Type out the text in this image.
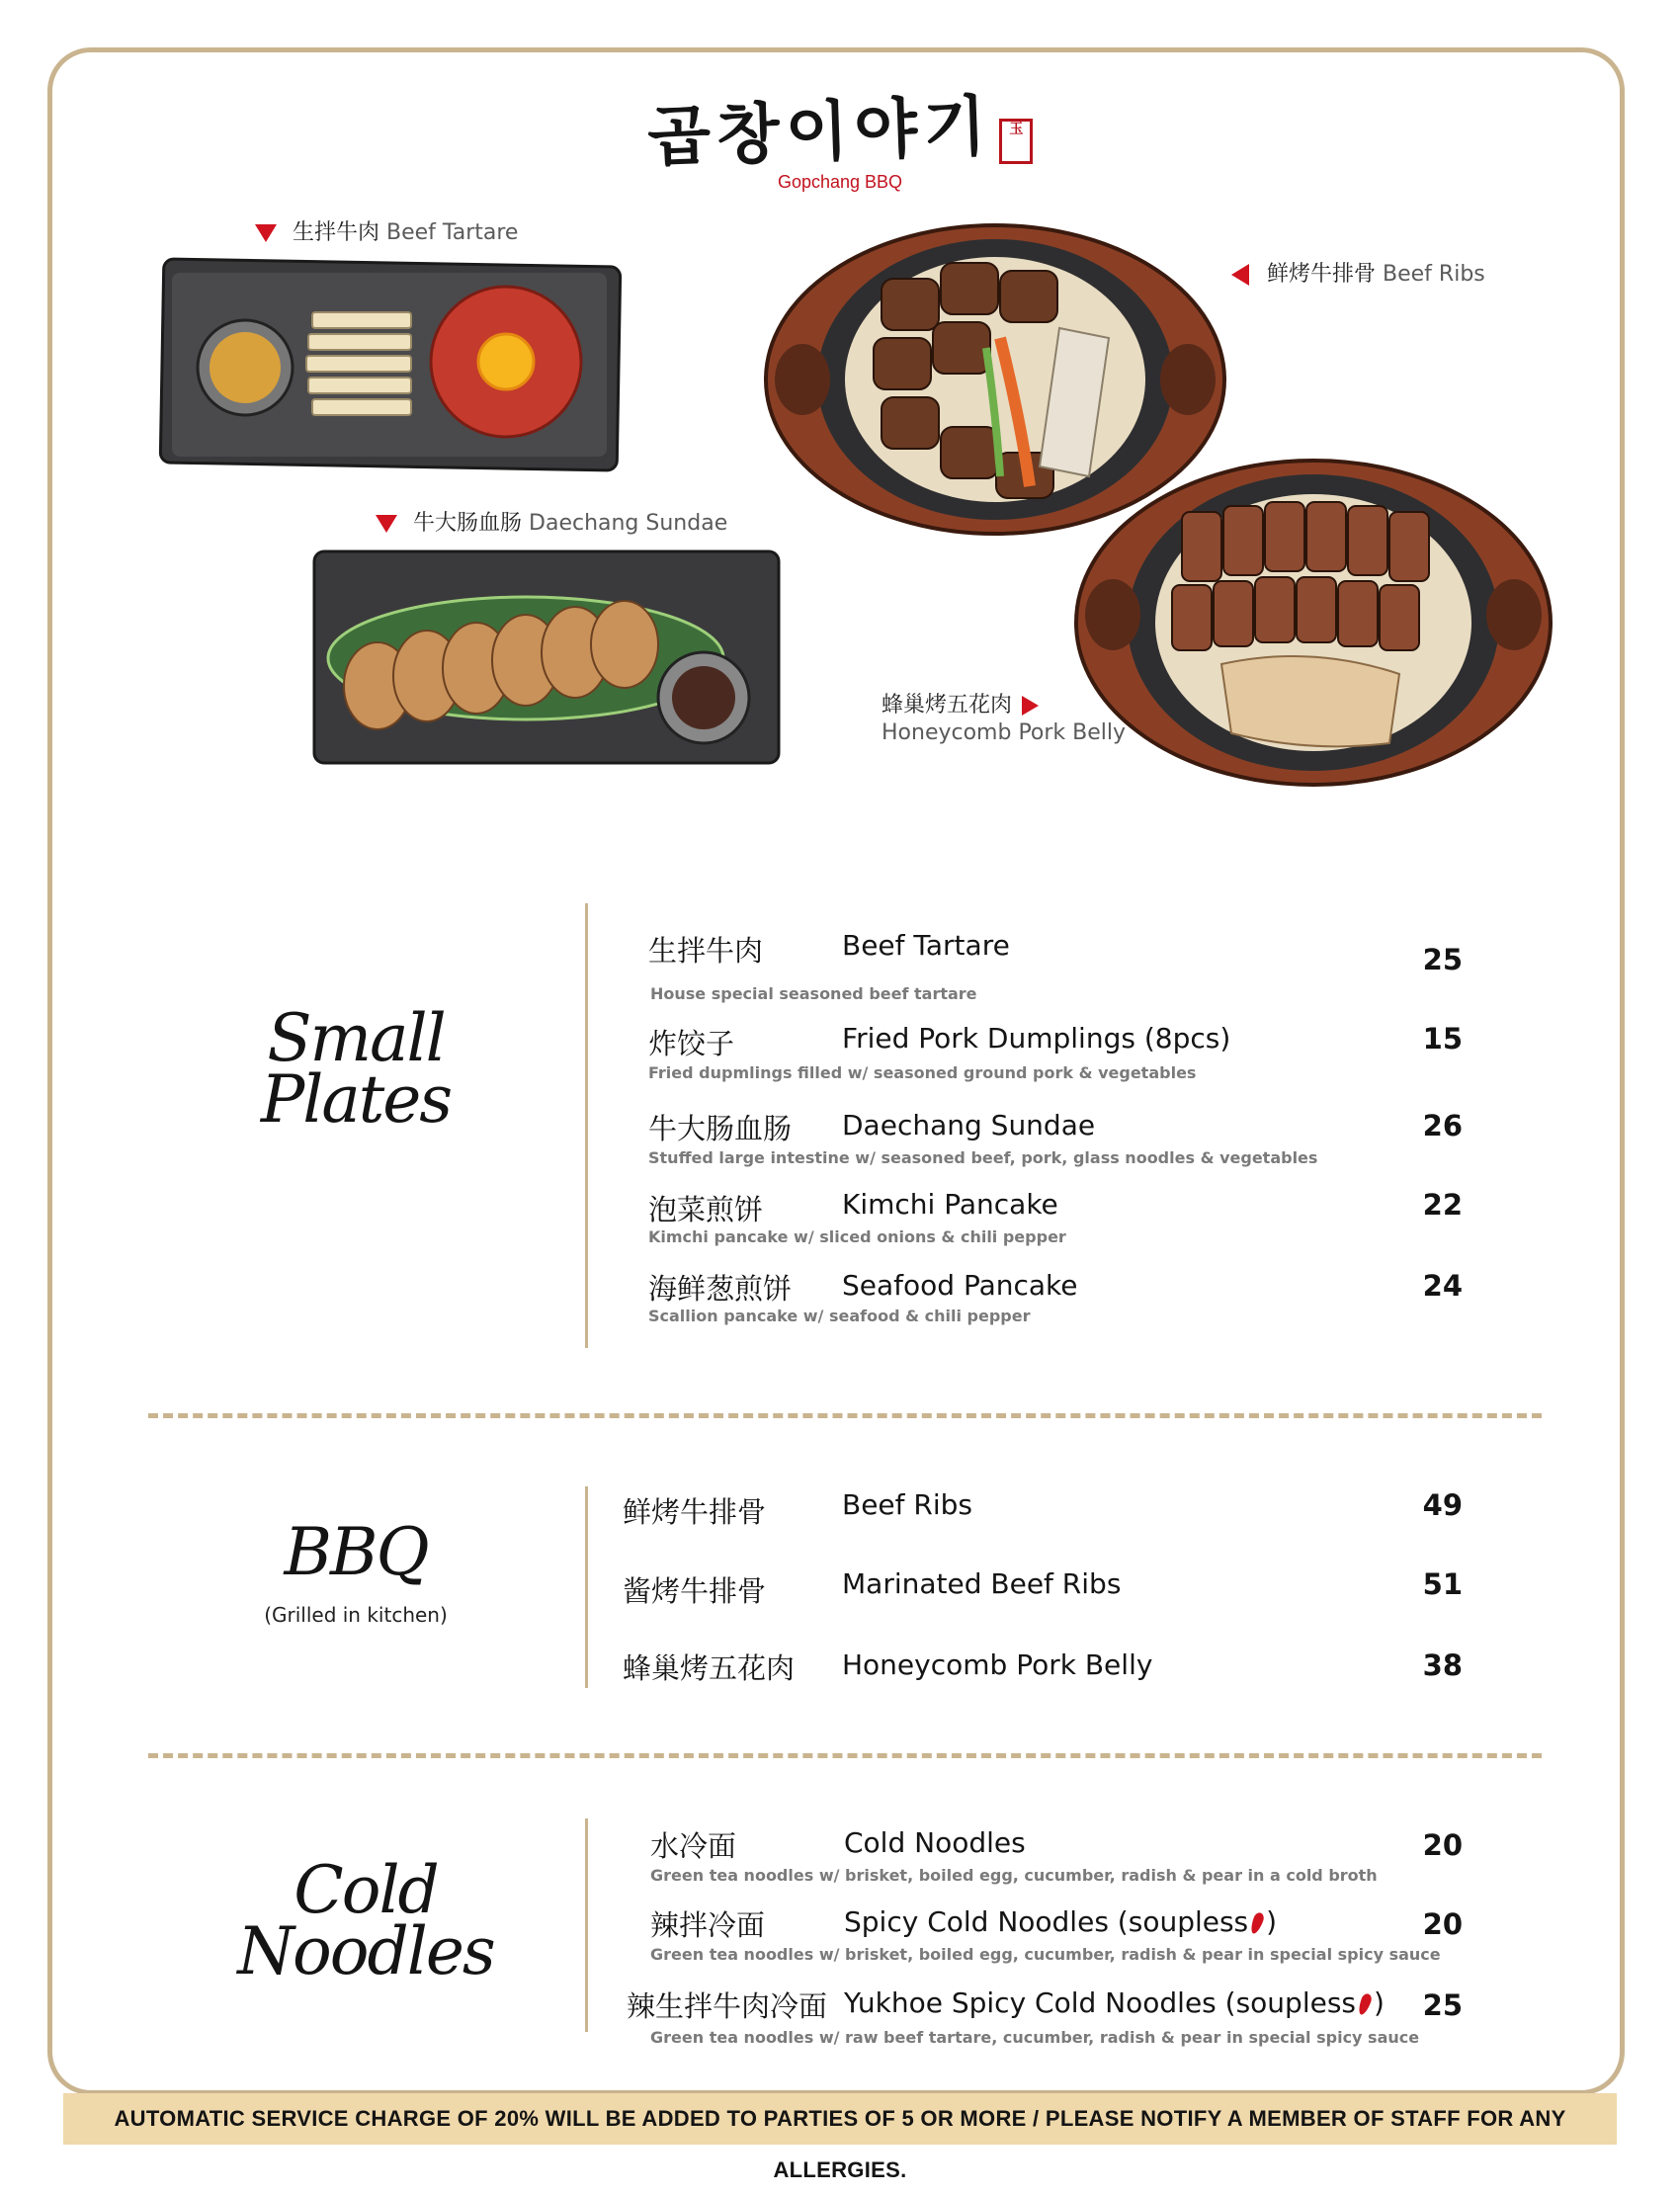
곱창이야기 玉
Gopchang BBQ
生拌牛肉 Beef Tartare
鲜烤牛排骨 Beef Ribs
牛大肠血肠 Daechang Sundae
蜂巢烤五花肉
Honeycomb Pork Belly
Small
Plates
生拌牛肉	Beef Tartare	25
House special seasoned beef tartare
炸饺子	Fried Pork Dumplings (8pcs)	15
Fried dupmlings filled w/ seasoned ground pork & vegetables
牛大肠血肠 Daechang Sundae	26
Stuffed large intestine w/ seasoned beef, pork, glass noodles & vegetables
泡菜煎饼	Kimchi Pancake	22
Kimchi pancake w/ sliced onions & chili pepper
海鲜葱煎饼 Seafood Pancake	24
Scallion pancake w/ seafood & chili pepper
BBQ
(Grilled in kitchen)
鲜烤牛排骨	Beef Ribs	49
酱烤牛排骨	Marinated Beef Ribs	51
蜂巢烤五花肉 Honeycomb Pork Belly	38
Cold
Noodles
水冷面	Cold Noodles	20
Green tea noodles w/ brisket, boiled egg, cucumber, radish & pear in a cold broth
辣拌冷面	Spicy Cold Noodles (soupless )	20
Green tea noodles w/ brisket, boiled egg, cucumber, radish & pear in special spicy sauce
辣生拌牛肉冷面 Yukhoe Spicy Cold Noodles (soupless )	25
Green tea noodles w/ raw beef tartare, cucumber, radish & pear in special spicy sauce
AUTOMATIC SERVICE CHARGE OF 20% WILL BE ADDED TO PARTIES OF 5 OR MORE / PLEASE NOTIFY A MEMBER OF STAFF FOR ANY ALLERGIES.
